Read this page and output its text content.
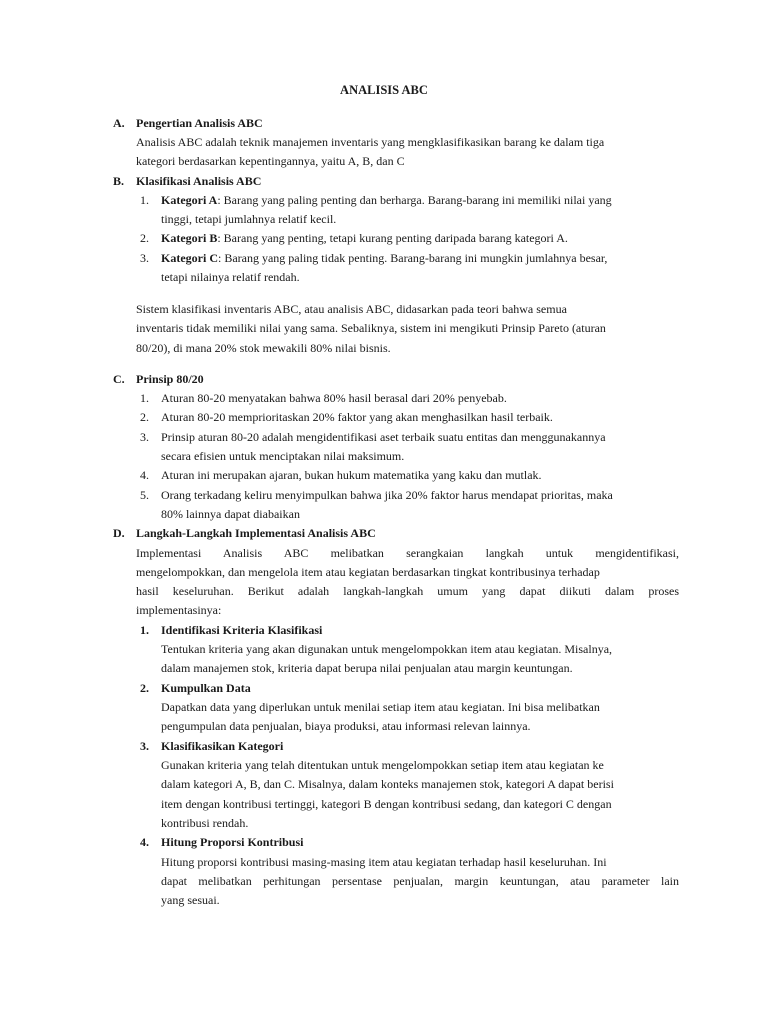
ANALISIS ABC
A. Pengertian Analisis ABC
Analisis ABC adalah teknik manajemen inventaris yang mengklasifikasikan barang ke dalam tiga
kategori berdasarkan kepentingannya, yaitu A, B, dan C
B. Klasifikasi Analisis ABC
1. Kategori A: Barang yang paling penting dan berharga. Barang-barang ini memiliki nilai yang
tinggi, tetapi jumlahnya relatif kecil.
2. Kategori B: Barang yang penting, tetapi kurang penting daripada barang kategori A.
3. Kategori C: Barang yang paling tidak penting. Barang-barang ini mungkin jumlahnya besar,
tetapi nilainya relatif rendah.
Sistem klasifikasi inventaris ABC, atau analisis ABC, didasarkan pada teori bahwa semua
inventaris tidak memiliki nilai yang sama. Sebaliknya, sistem ini mengikuti Prinsip Pareto (aturan
80/20), di mana 20% stok mewakili 80% nilai bisnis.
C. Prinsip 80/20
1. Aturan 80-20 menyatakan bahwa 80% hasil berasal dari 20% penyebab.
2. Aturan 80-20 memprioritaskan 20% faktor yang akan menghasilkan hasil terbaik.
3. Prinsip aturan 80-20 adalah mengidentifikasi aset terbaik suatu entitas dan menggunakannya
secara efisien untuk menciptakan nilai maksimum.
4. Aturan ini merupakan ajaran, bukan hukum matematika yang kaku dan mutlak.
5. Orang terkadang keliru menyimpulkan bahwa jika 20% faktor harus mendapat prioritas, maka
80% lainnya dapat diabaikan
D. Langkah-Langkah Implementasi Analisis ABC
Implementasi Analisis ABC melibatkan serangkaian langkah untuk mengidentifikasi,
mengelompokkan, dan mengelola item atau kegiatan berdasarkan tingkat kontribusinya terhadap
hasil keseluruhan. Berikut adalah langkah-langkah umum yang dapat diikuti dalam proses
implementasinya:
1. Identifikasi Kriteria Klasifikasi
Tentukan kriteria yang akan digunakan untuk mengelompokkan item atau kegiatan. Misalnya,
dalam manajemen stok, kriteria dapat berupa nilai penjualan atau margin keuntungan.
2. Kumpulkan Data
Dapatkan data yang diperlukan untuk menilai setiap item atau kegiatan. Ini bisa melibatkan
pengumpulan data penjualan, biaya produksi, atau informasi relevan lainnya.
3. Klasifikasikan Kategori
Gunakan kriteria yang telah ditentukan untuk mengelompokkan setiap item atau kegiatan ke
dalam kategori A, B, dan C. Misalnya, dalam konteks manajemen stok, kategori A dapat berisi
item dengan kontribusi tertinggi, kategori B dengan kontribusi sedang, dan kategori C dengan
kontribusi rendah.
4. Hitung Proporsi Kontribusi
Hitung proporsi kontribusi masing-masing item atau kegiatan terhadap hasil keseluruhan. Ini
dapat melibatkan perhitungan persentase penjualan, margin keuntungan, atau parameter lain
yang sesuai.
